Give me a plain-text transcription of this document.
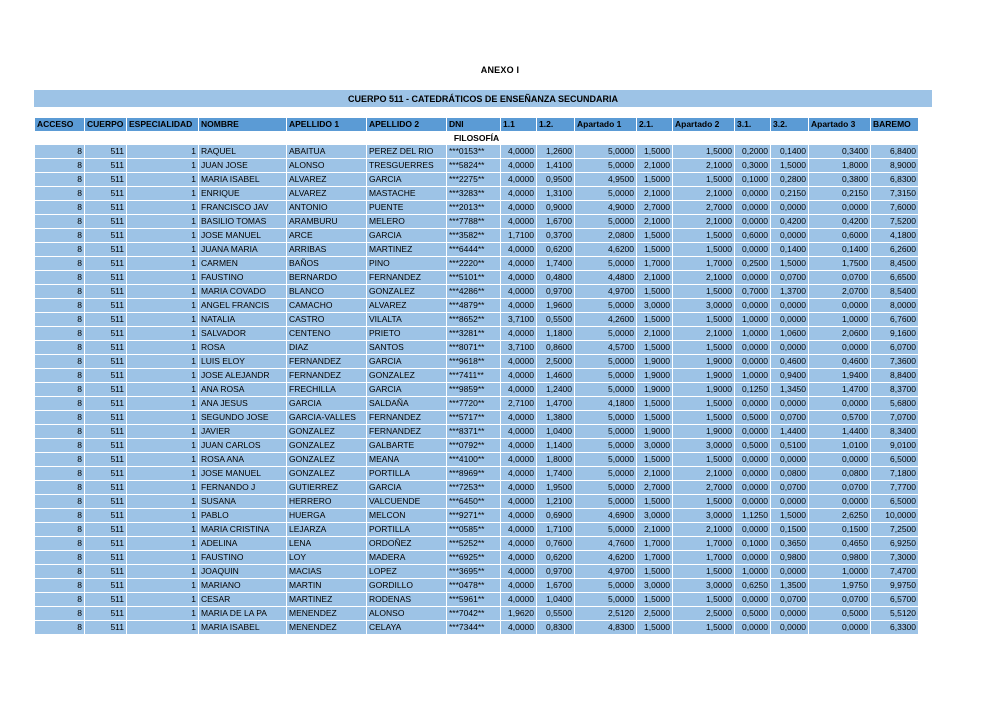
ANEXO I
CUERPO 511 - CATEDRÁTICOS DE ENSEÑANZA SECUNDARIA
ACCESO	CUERPO	ESPECIALIDAD	NOMBRE	APELLIDO 1	APELLIDO 2	DNI	1.1	1.2.	Apartado 1	2.1.	Apartado 2	3.1.	3.2.	Apartado 3	BAREMO
FILOSOFÍA															
8	511	1	RAQUEL	ABAITUA	PEREZ DEL RIO	***0153**	4,0000	1,2600	5,0000	1,5000	1,5000	0,2000	0,1400	0,3400	6,8400
8	511	1	JUAN JOSE	ALONSO	TRESGUERRES	***5824**	4,0000	1,4100	5,0000	2,1000	2,1000	0,3000	1,5000	1,8000	8,9000
8	511	1	MARIA ISABEL	ALVAREZ	GARCIA	***2275**	4,0000	0,9500	4,9500	1,5000	1,5000	0,1000	0,2800	0,3800	6,8300
8	511	1	ENRIQUE	ALVAREZ	MASTACHE	***3283**	4,0000	1,3100	5,0000	2,1000	2,1000	0,0000	0,2150	0,2150	7,3150
8	511	1	FRANCISCO JAV	ANTONIO	PUENTE	***2013**	4,0000	0,9000	4,9000	2,7000	2,7000	0,0000	0,0000	0,0000	7,6000
8	511	1	BASILIO TOMAS	ARAMBURU	MELERO	***7788**	4,0000	1,6700	5,0000	2,1000	2,1000	0,0000	0,4200	0,4200	7,5200
8	511	1	JOSE MANUEL	ARCE	GARCIA	***3582**	1,7100	0,3700	2,0800	1,5000	1,5000	0,6000	0,0000	0,6000	4,1800
8	511	1	JUANA MARIA	ARRIBAS	MARTINEZ	***6444**	4,0000	0,6200	4,6200	1,5000	1,5000	0,0000	0,1400	0,1400	6,2600
8	511	1	CARMEN	BAÑOS	PINO	***2220**	4,0000	1,7400	5,0000	1,7000	1,7000	0,2500	1,5000	1,7500	8,4500
8	511	1	FAUSTINO	BERNARDO	FERNANDEZ	***5101**	4,0000	0,4800	4,4800	2,1000	2,1000	0,0000	0,0700	0,0700	6,6500
8	511	1	MARIA COVADO	BLANCO	GONZALEZ	***4286**	4,0000	0,9700	4,9700	1,5000	1,5000	0,7000	1,3700	2,0700	8,5400
8	511	1	ANGEL FRANCIS	CAMACHO	ALVAREZ	***4879**	4,0000	1,9600	5,0000	3,0000	3,0000	0,0000	0,0000	0,0000	8,0000
8	511	1	NATALIA	CASTRO	VILALTA	***8652**	3,7100	0,5500	4,2600	1,5000	1,5000	1,0000	0,0000	1,0000	6,7600
8	511	1	SALVADOR	CENTENO	PRIETO	***3281**	4,0000	1,1800	5,0000	2,1000	2,1000	1,0000	1,0600	2,0600	9,1600
8	511	1	ROSA	DIAZ	SANTOS	***8071**	3,7100	0,8600	4,5700	1,5000	1,5000	0,0000	0,0000	0,0000	6,0700
8	511	1	LUIS ELOY	FERNANDEZ	GARCIA	***9618**	4,0000	2,5000	5,0000	1,9000	1,9000	0,0000	0,4600	0,4600	7,3600
8	511	1	JOSE ALEJANDR	FERNANDEZ	GONZALEZ	***7411**	4,0000	1,4600	5,0000	1,9000	1,9000	1,0000	0,9400	1,9400	8,8400
8	511	1	ANA ROSA	FRECHILLA	GARCIA	***9859**	4,0000	1,2400	5,0000	1,9000	1,9000	0,1250	1,3450	1,4700	8,3700
8	511	1	ANA JESUS	GARCIA	SALDAÑA	***7720**	2,7100	1,4700	4,1800	1,5000	1,5000	0,0000	0,0000	0,0000	5,6800
8	511	1	SEGUNDO JOSE	GARCIA-VALLES	FERNANDEZ	***5717**	4,0000	1,3800	5,0000	1,5000	1,5000	0,5000	0,0700	0,5700	7,0700
8	511	1	JAVIER	GONZALEZ	FERNANDEZ	***8371**	4,0000	1,0400	5,0000	1,9000	1,9000	0,0000	1,4400	1,4400	8,3400
8	511	1	JUAN CARLOS	GONZALEZ	GALBARTE	***0792**	4,0000	1,1400	5,0000	3,0000	3,0000	0,5000	0,5100	1,0100	9,0100
8	511	1	ROSA ANA	GONZALEZ	MEANA	***4100**	4,0000	1,8000	5,0000	1,5000	1,5000	0,0000	0,0000	0,0000	6,5000
8	511	1	JOSE MANUEL	GONZALEZ	PORTILLA	***8969**	4,0000	1,7400	5,0000	2,1000	2,1000	0,0000	0,0800	0,0800	7,1800
8	511	1	FERNANDO J	GUTIERREZ	GARCIA	***7253**	4,0000	1,9500	5,0000	2,7000	2,7000	0,0000	0,0700	0,0700	7,7700
8	511	1	SUSANA	HERRERO	VALCUENDE	***6450**	4,0000	1,2100	5,0000	1,5000	1,5000	0,0000	0,0000	0,0000	6,5000
8	511	1	PABLO	HUERGA	MELCON	***9271**	4,0000	0,6900	4,6900	3,0000	3,0000	1,1250	1,5000	2,6250	10,0000
8	511	1	MARIA CRISTINA	LEJARZA	PORTILLA	***0585**	4,0000	1,7100	5,0000	2,1000	2,1000	0,0000	0,1500	0,1500	7,2500
8	511	1	ADELINA	LENA	ORDOÑEZ	***5252**	4,0000	0,7600	4,7600	1,7000	1,7000	0,1000	0,3650	0,4650	6,9250
8	511	1	FAUSTINO	LOY	MADERA	***6925**	4,0000	0,6200	4,6200	1,7000	1,7000	0,0000	0,9800	0,9800	7,3000
8	511	1	JOAQUIN	MACIAS	LOPEZ	***3695**	4,0000	0,9700	4,9700	1,5000	1,5000	1,0000	0,0000	1,0000	7,4700
8	511	1	MARIANO	MARTIN	GORDILLO	***0478**	4,0000	1,6700	5,0000	3,0000	3,0000	0,6250	1,3500	1,9750	9,9750
8	511	1	CESAR	MARTINEZ	RODENAS	***5961**	4,0000	1,0400	5,0000	1,5000	1,5000	0,0000	0,0700	0,0700	6,5700
8	511	1	MARIA DE LA PA	MENENDEZ	ALONSO	***7042**	1,9620	0,5500	2,5120	2,5000	2,5000	0,5000	0,0000	0,5000	5,5120
8	511	1	MARIA ISABEL	MENENDEZ	CELAYA	***7344**	4,0000	0,8300	4,8300	1,5000	1,5000	0,0000	0,0000	0,0000	6,3300
